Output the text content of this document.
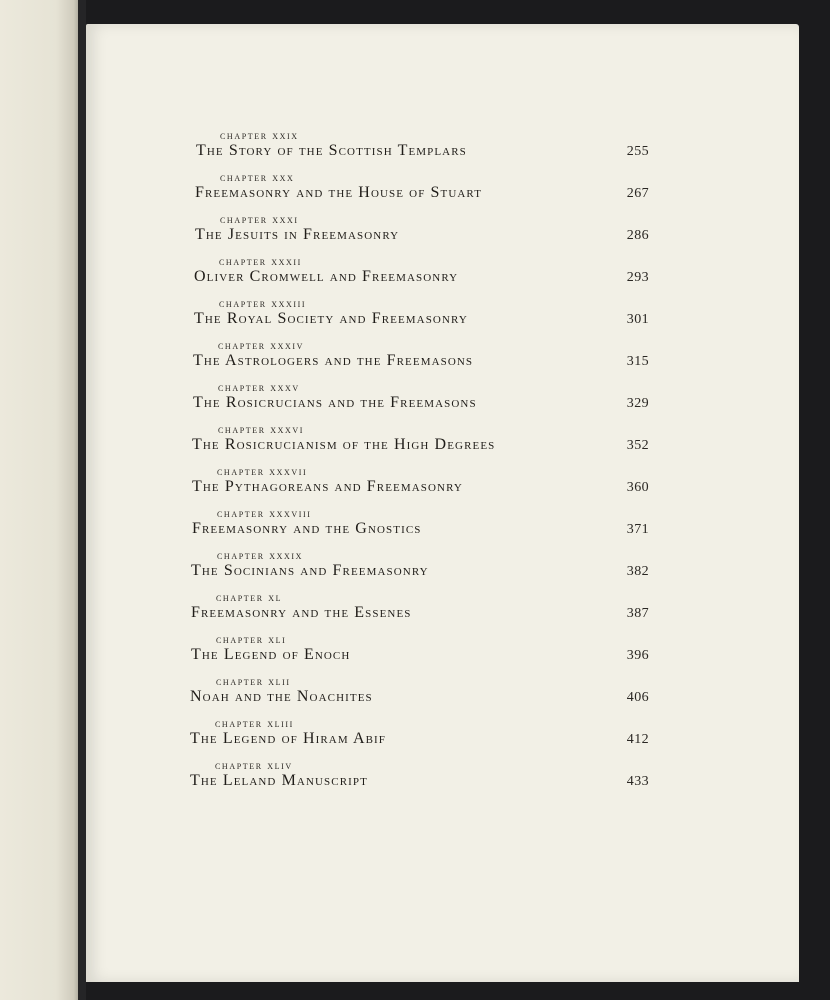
chapter xxix
The Story of the Scottish Templars	255
chapter xxx
Freemasonry and the House of Stuart	267
chapter xxxi
The Jesuits in Freemasonry	286
chapter xxxii
Oliver Cromwell and Freemasonry	293
chapter xxxiii
The Royal Society and Freemasonry	301
chapter xxxiv
The Astrologers and the Freemasons	315
chapter xxxv
The Rosicrucians and the Freemasons	329
chapter xxxvi
The Rosicrucianism of the High Degrees	352
chapter xxxvii
The Pythagoreans and Freemasonry	360
chapter xxxviii
Freemasonry and the Gnostics	371
chapter xxxix
The Socinians and Freemasonry	382
chapter xl
Freemasonry and the Essenes	387
chapter xli
The Legend of Enoch	396
chapter xlii
Noah and the Noachites	406
chapter xliii
The Legend of Hiram Abif	412
chapter xliv
The Leland Manuscript	433
